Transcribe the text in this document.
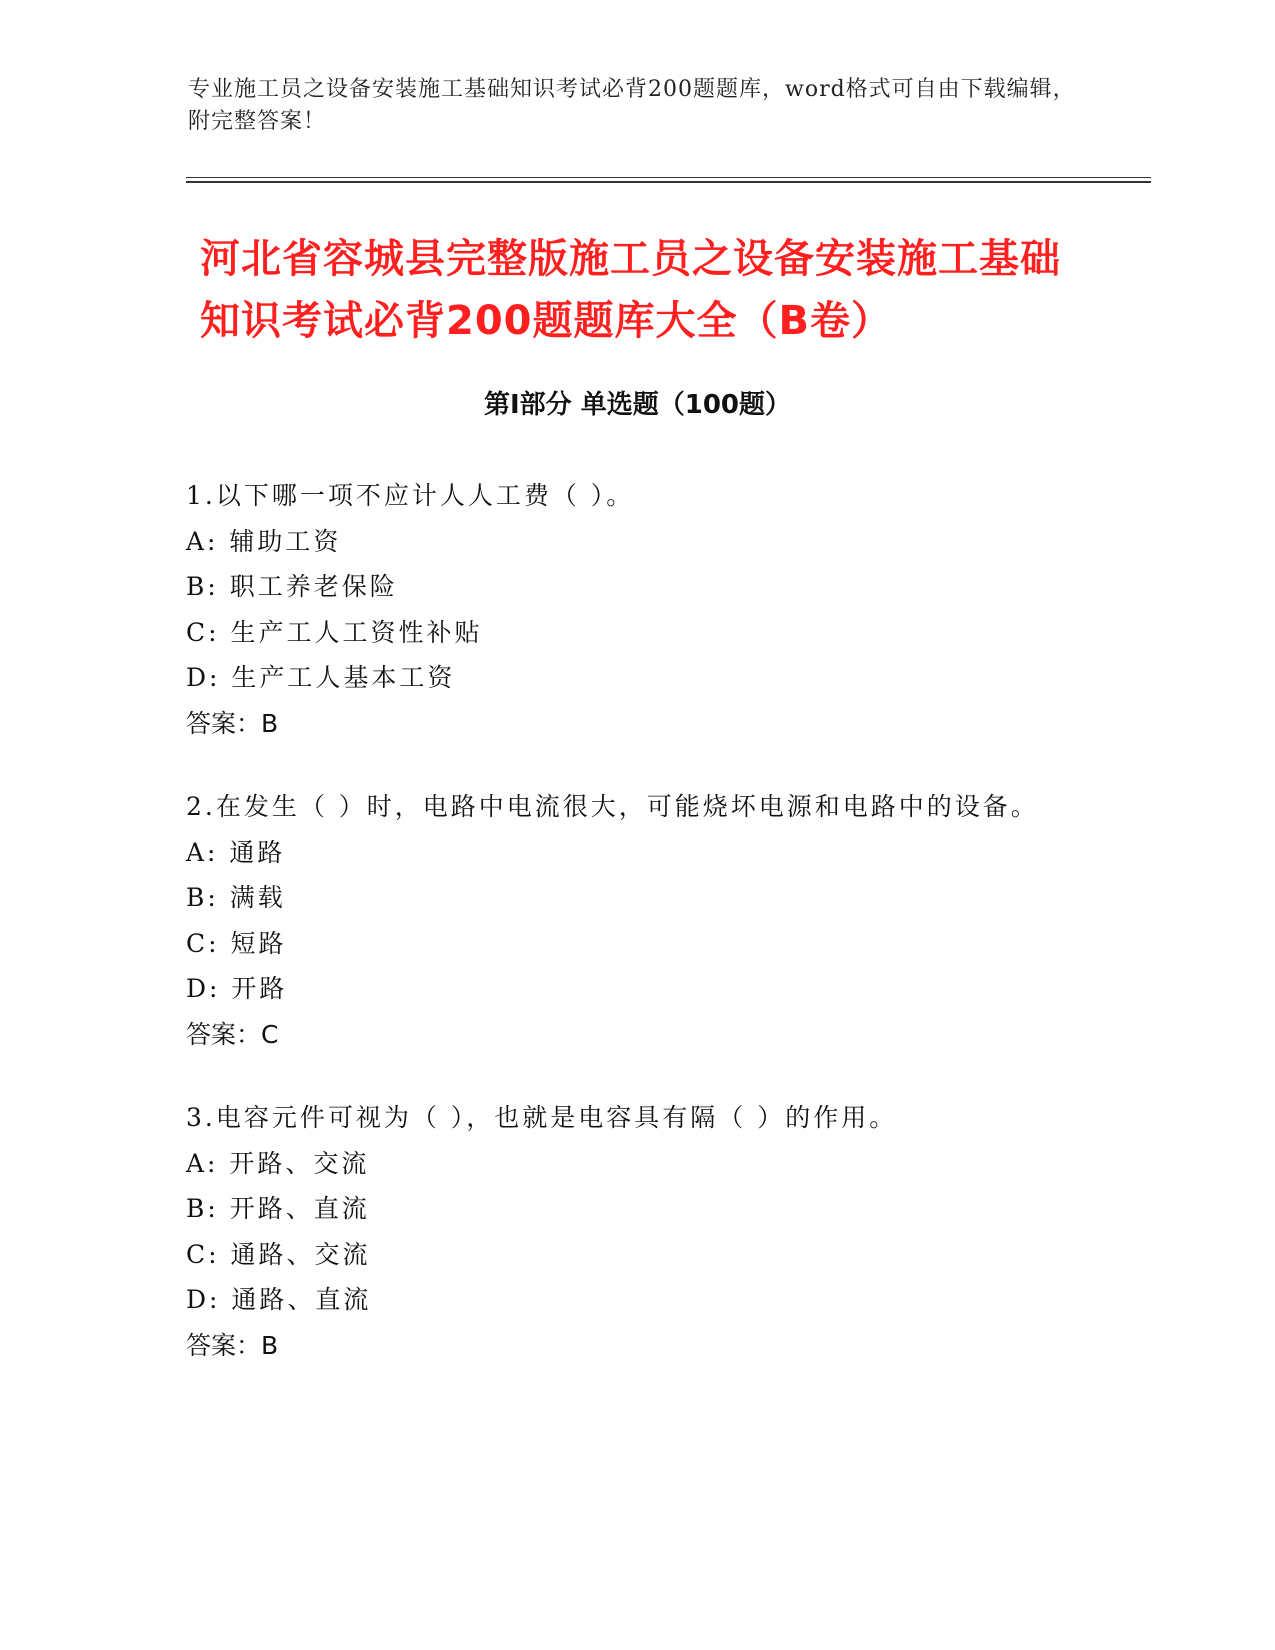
专业施工员之设备安装施工基础知识考试必背200题题库，word格式可自由下载编辑，附完整答案！
河北省容城县完整版施工员之设备安装施工基础知识考试必背200题题库大全（B卷）
第Ⅰ部分 单选题（100题）
1.以下哪一项不应计人人工费（ ）。
A: 辅助工资
B: 职工养老保险
C: 生产工人工资性补贴
D: 生产工人基本工资
答案：B
2.在发生（ ）时，电路中电流很大，可能烧坏电源和电路中的设备。
A: 通路
B: 满载
C: 短路
D: 开路
答案：C
3.电容元件可视为（ ），也就是电容具有隔（ ）的作用。
A: 开路、交流
B: 开路、直流
C: 通路、交流
D: 通路、直流
答案：B
